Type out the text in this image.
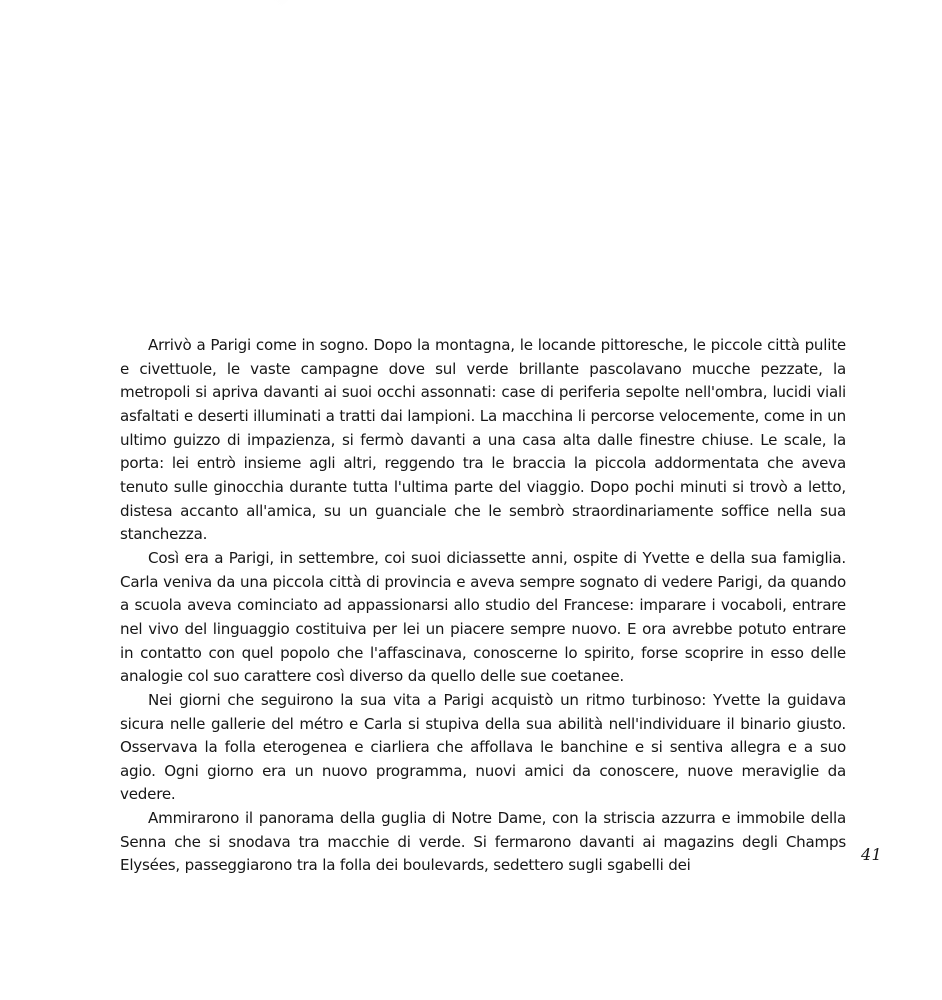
Arrivò a Parigi come in sogno. Dopo la montagna, le locande pittoresche, le piccole città pulite e civettuole, le vaste campagne dove sul verde brillante pascolavano mucche pezzate, la metropoli si apriva davanti ai suoi occhi assonnati: case di periferia sepolte nell'ombra, lucidi viali asfaltati e deserti illuminati a tratti dai lampioni. La macchina li percorse velocemente, come in un ultimo guizzo di impazienza, si fermò davanti a una casa alta dalle finestre chiuse. Le scale, la porta: lei entrò insieme agli altri, reggendo tra le braccia la piccola addormentata che aveva tenuto sulle ginocchia durante tutta l'ultima parte del viaggio. Dopo pochi minuti si trovò a letto, distesa accanto all'amica, su un guanciale che le sembrò straordinariamente soffice nella sua stanchezza.

Così era a Parigi, in settembre, coi suoi diciassette anni, ospite di Yvette e della sua famiglia. Carla veniva da una piccola città di provincia e aveva sempre sognato di vedere Parigi, da quando a scuola aveva cominciato ad appassionarsi allo studio del Francese: imparare i vocaboli, entrare nel vivo del linguaggio costituiva per lei un piacere sempre nuovo. E ora avrebbe potuto entrare in contatto con quel popolo che l'affascinava, conoscerne lo spirito, forse scoprire in esso delle analogie col suo carattere così diverso da quello delle sue coetanee.

Nei giorni che seguirono la sua vita a Parigi acquistò un ritmo turbinoso: Yvette la guidava sicura nelle gallerie del métro e Carla si stupiva della sua abilità nell'individuare il binario giusto. Osservava la folla eterogenea e ciarliera che affollava le banchine e si sentiva allegra e a suo agio. Ogni giorno era un nuovo programma, nuovi amici da conoscere, nuove meraviglie da vedere.

Ammirarono il panorama della guglia di Notre Dame, con la striscia azzurra e immobile della Senna che si snodava tra macchie di verde. Si fermarono davanti ai magazins degli Champs Elysées, passeggiarono tra la folla dei boulevards, sedettero sugli sgabelli dei

41
